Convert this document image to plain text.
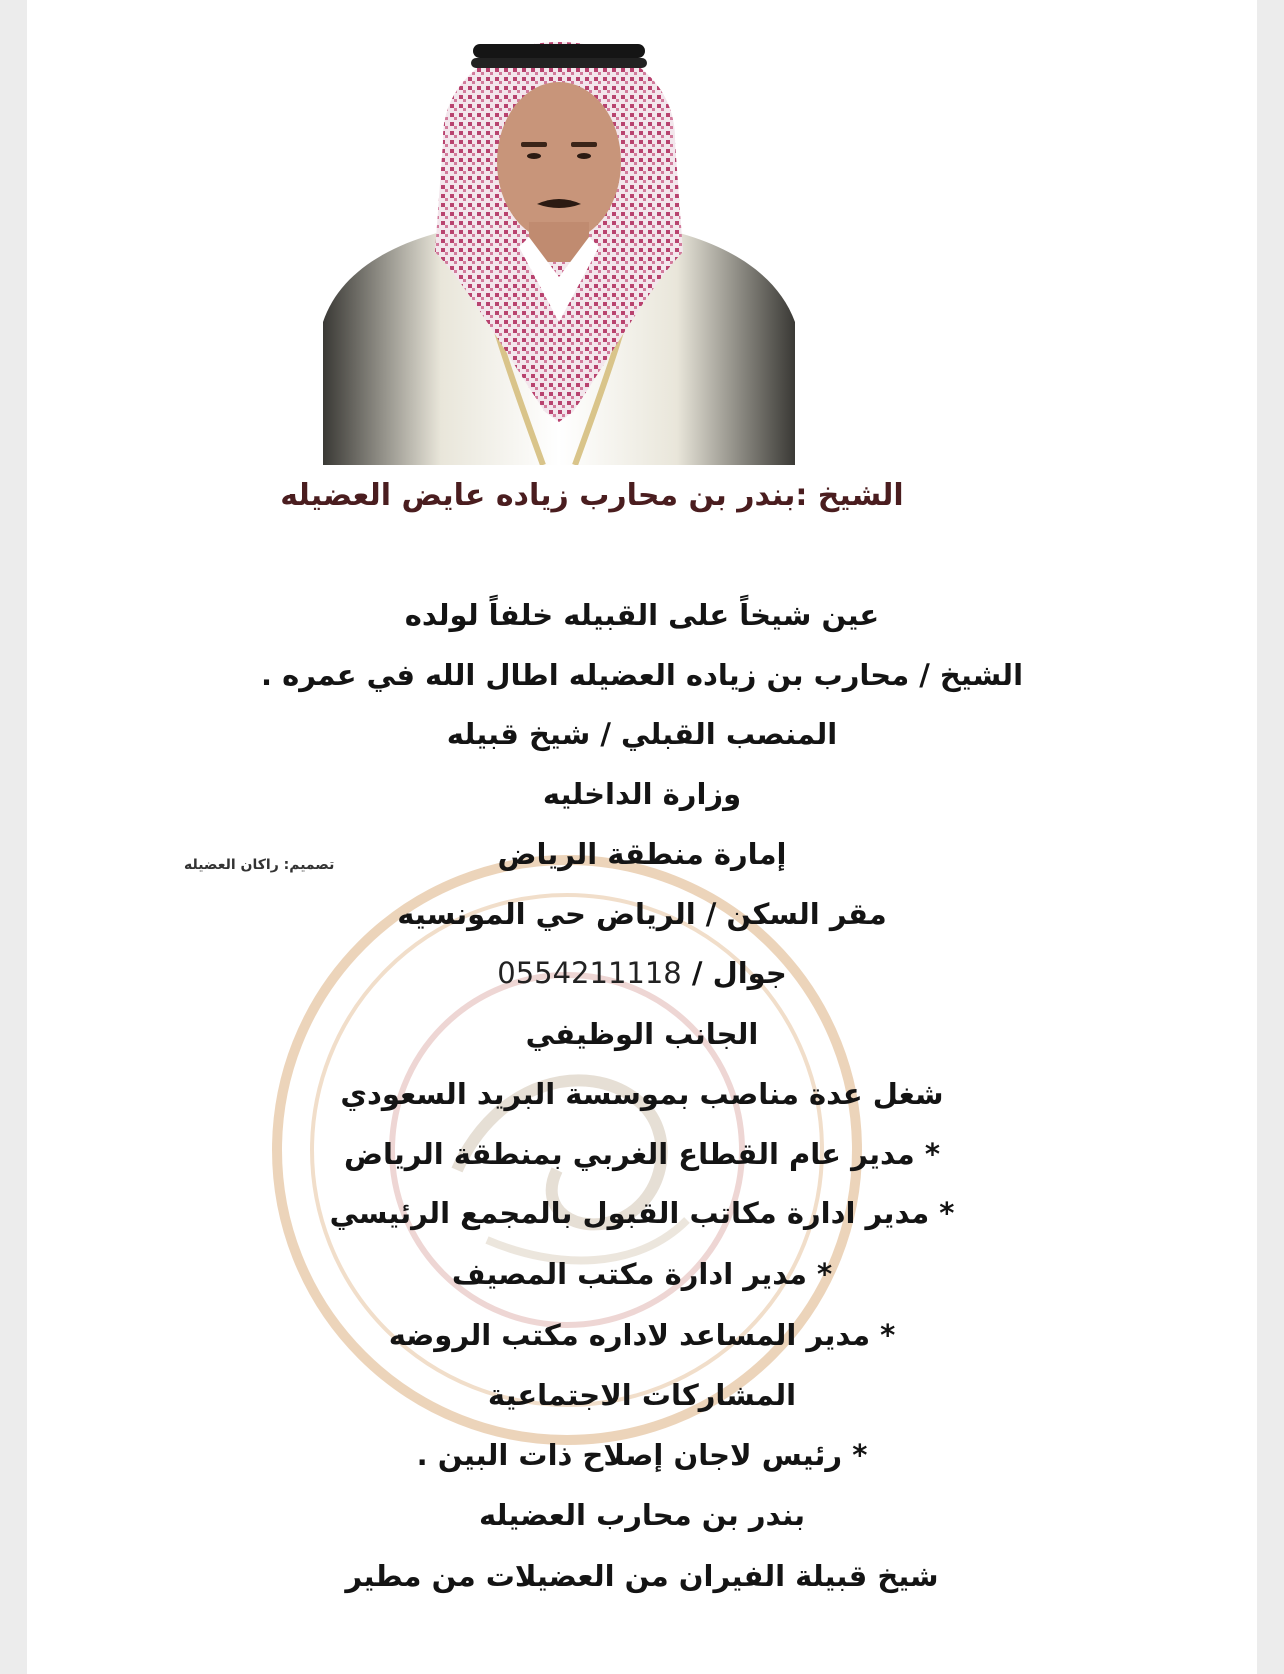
الشيخ :بندر بن محارب زياده عايض العضيله
عين شيخاً على القبيله خلفاً لولده
الشيخ / محارب بن زياده العضيله اطال الله في عمره .
المنصب القبلي / شيخ قبيله
وزارة الداخليه
إمارة منطقة الرياض
تصميم: راكان العضيله
مقر السكن / الرياض حي المونسيه
جوال / 0554211118
الجانب الوظيفي
شغل عدة مناصب بموسسة البريد السعودي
* مدير عام القطاع الغربي بمنطقة الرياض
* مدير ادارة مكاتب القبول بالمجمع الرئيسي
* مدير ادارة مكتب المصيف
* مدير المساعد لاداره مكتب الروضه
المشاركات الاجتماعية
* رئيس لاجان إصلاح ذات البين .
بندر بن محارب العضيله
شيخ قبيلة الفيران من العضيلات من مطير
